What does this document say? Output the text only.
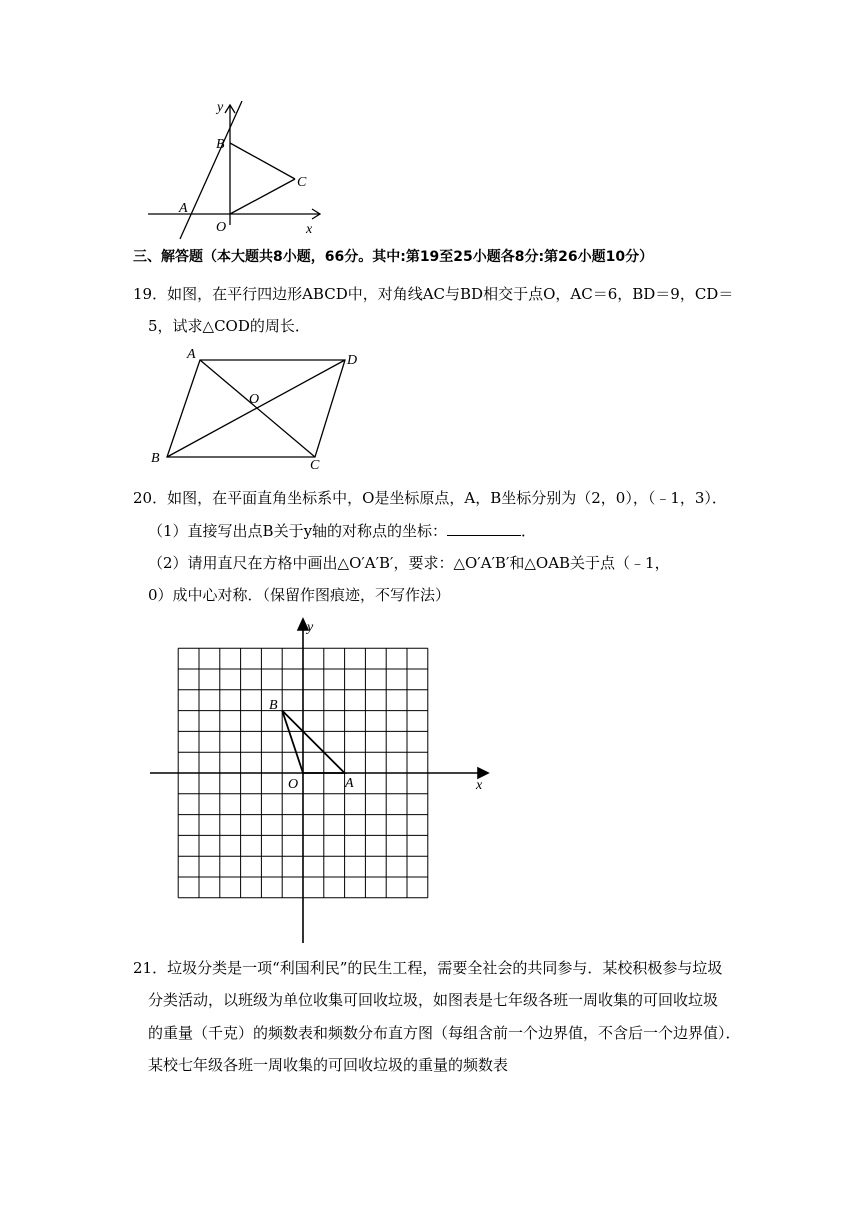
y
x
B
C
A
O
三、解答题（本大题共8小题，66分。其中:第19至25小题各8分:第26小题10分）
19．如图，在平行四边形ABCD中，对角线AC与BD相交于点O，AC＝6，BD＝9，CD＝
5，试求△COD的周长．
A	D
O
B	C
20．如图，在平面直角坐标系中，O是坐标原点，A，B坐标分别为（2，0），（﹣1，3）．
（1）直接写出点B关于y轴的对称点的坐标：	．
（2）请用直尺在方格中画出△O′A′B′，要求：△O′A′B′和△OAB关于点（﹣1，
0）成中心对称．（保留作图痕迹，不写作法）
y
x
B
O	A
21．垃圾分类是一项“利国利民”的民生工程，需要全社会的共同参与．某校积极参与垃圾
分类活动，以班级为单位收集可回收垃圾，如图表是七年级各班一周收集的可回收垃圾
的重量（千克）的频数表和频数分布直方图（每组含前一个边界值，不含后一个边界值）．
某校七年级各班一周收集的可回收垃圾的重量的频数表
